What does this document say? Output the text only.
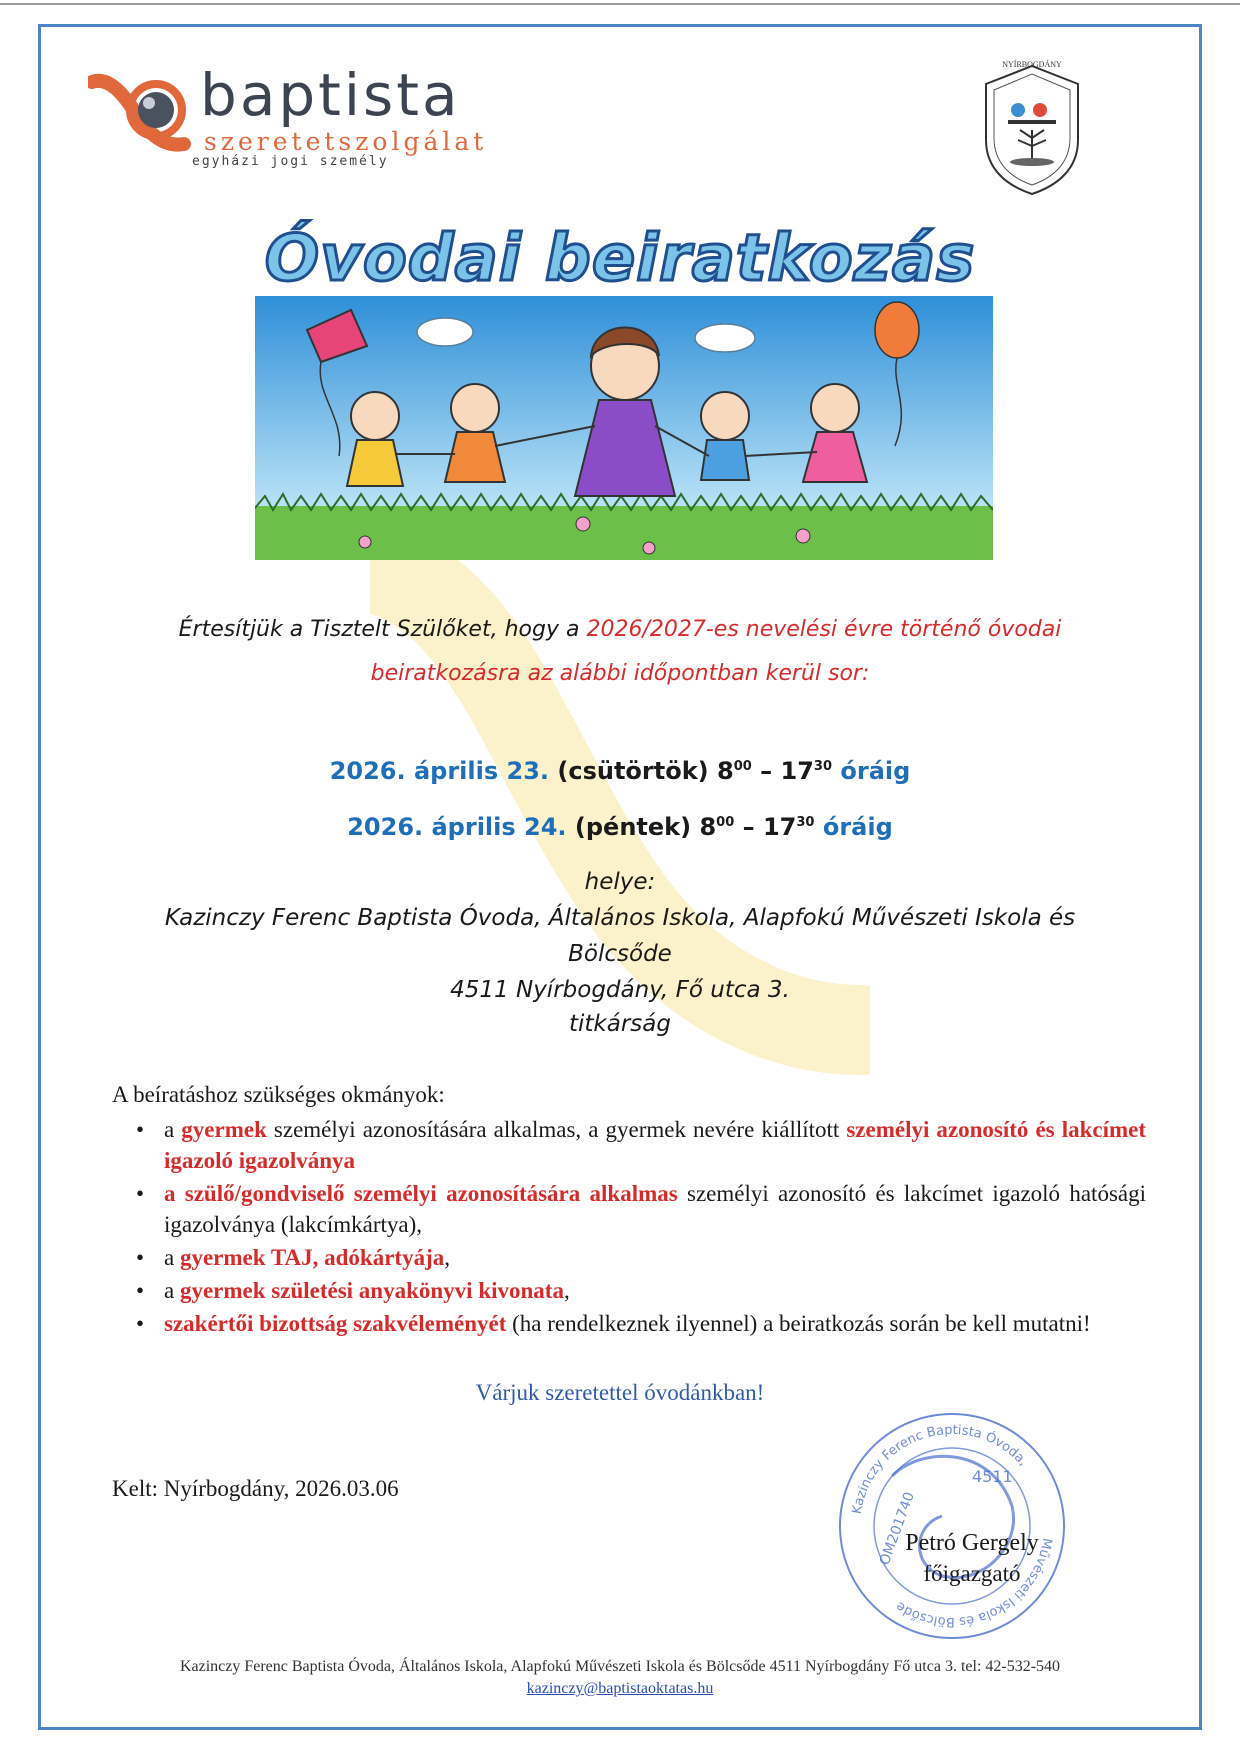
baptista
szeretetszolgálat
egyházi jogi személy
NYÍRBOGDÁNY
Óvodai beiratkozás
Értesítjük a Tisztelt Szülőket, hogy a 2026/2027-es nevelési évre történő óvodai
beiratkozásra az alábbi időpontban kerül sor:
2026. április 23. (csütörtök) $8^{00} - 17^{30}$ óráig
2026. április 24. (péntek) $8^{00} - 17^{30}$ óráig
helye:
Kazinczy Ferenc Baptista Óvoda, Általános Iskola, Alapfokú Művészeti Iskola és
Bölcsőde
4511 Nyírbogdány, Fő utca 3.
titkárság
A beíratáshoz szükséges okmányok:
• a gyermek személyi azonosítására alkalmas, a gyermek nevére kiállított személyi azonosító és lakcímet igazoló igazolványa
• a szülő/gondviselő személyi azonosítására alkalmas személyi azonosító és lakcímet igazoló hatósági igazolványa (lakcímkártya),
• a gyermek TAJ, adókártyája,
• a gyermek születési anyakönyvi kivonata,
• szakértői bizottság szakvéleményét (ha rendelkeznek ilyennel) a beiratkozás során be kell mutatni!
Várjuk szeretettel óvodánkban!
Kelt: Nyírbogdány, 2026.03.06
Kazinczy Ferenc Baptista Óvoda,
Művészeti Iskola és Bölcsőde
4511
OM201740
Petró Gergely
főigazgató
Kazinczy Ferenc Baptista Óvoda, Általános Iskola, Alapfokú Művészeti Iskola és Bölcsőde 4511 Nyírbogdány Fő utca 3. tel: 42-532-540
kazinczy@baptistaoktatas.hu
